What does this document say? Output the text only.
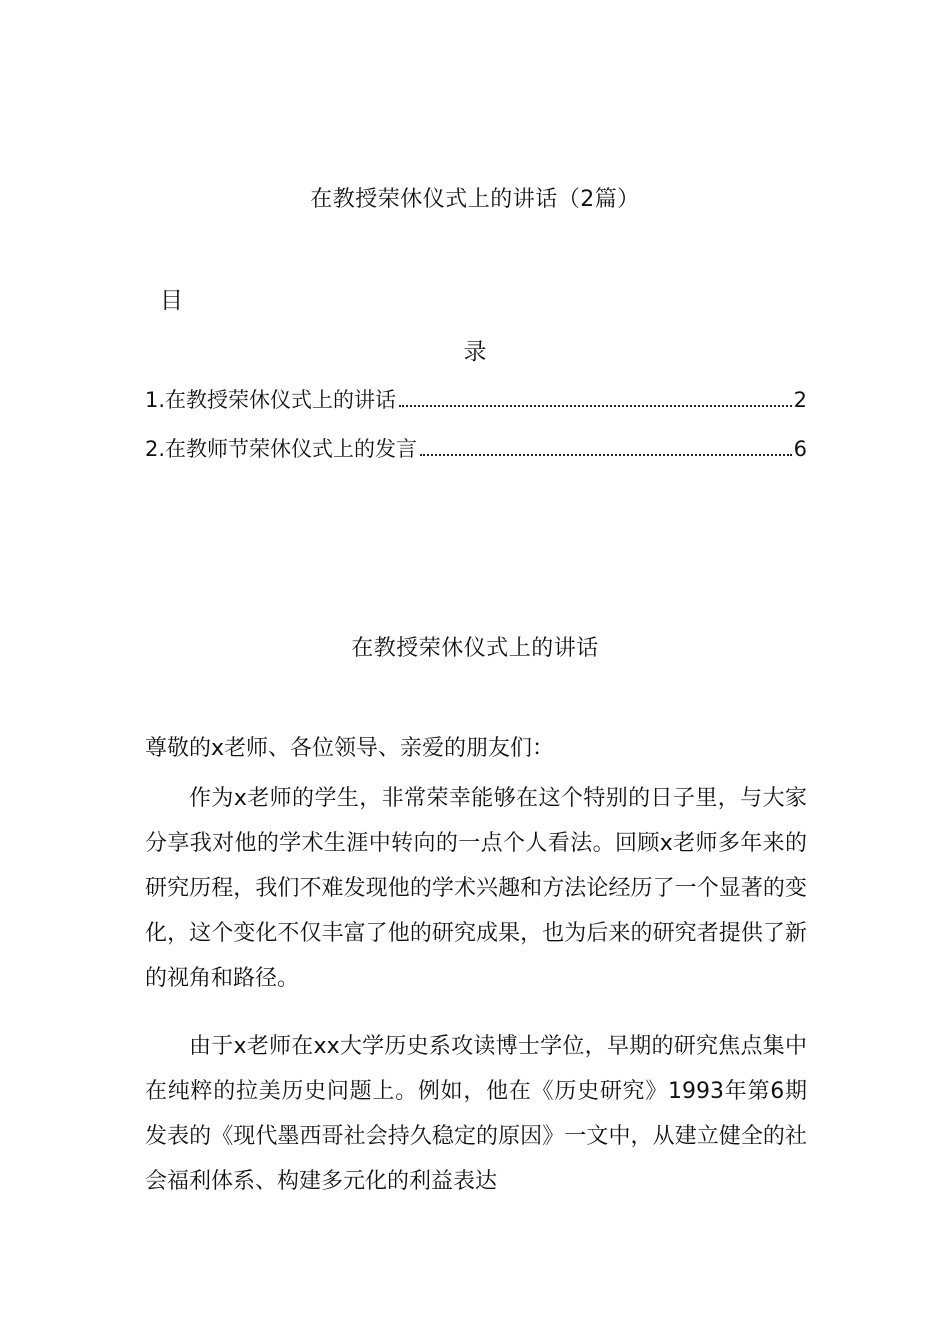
在教授荣休仪式上的讲话（2篇）
目
录
1.在教授荣休仪式上的讲话	2
2.在教师节荣休仪式上的发言	6
在教授荣休仪式上的讲话
尊敬的x老师、各位领导、亲爱的朋友们：

作为x老师的学生，非常荣幸能够在这个特别的日子里，与大家分享我对他的学术生涯中转向的一点个人看法。回顾x老师多年来的研究历程，我们不难发现他的学术兴趣和方法论经历了一个显著的变化，这个变化不仅丰富了他的研究成果，也为后来的研究者提供了新的视角和路径。

由于x老师在xx大学历史系攻读博士学位，早期的研究焦点集中在纯粹的拉美历史问题上。例如，他在《历史研究》1993年第6期发表的《现代墨西哥社会持久稳定的原因》一文中，从建立健全的社会福利体系、构建多元化的利益表达
